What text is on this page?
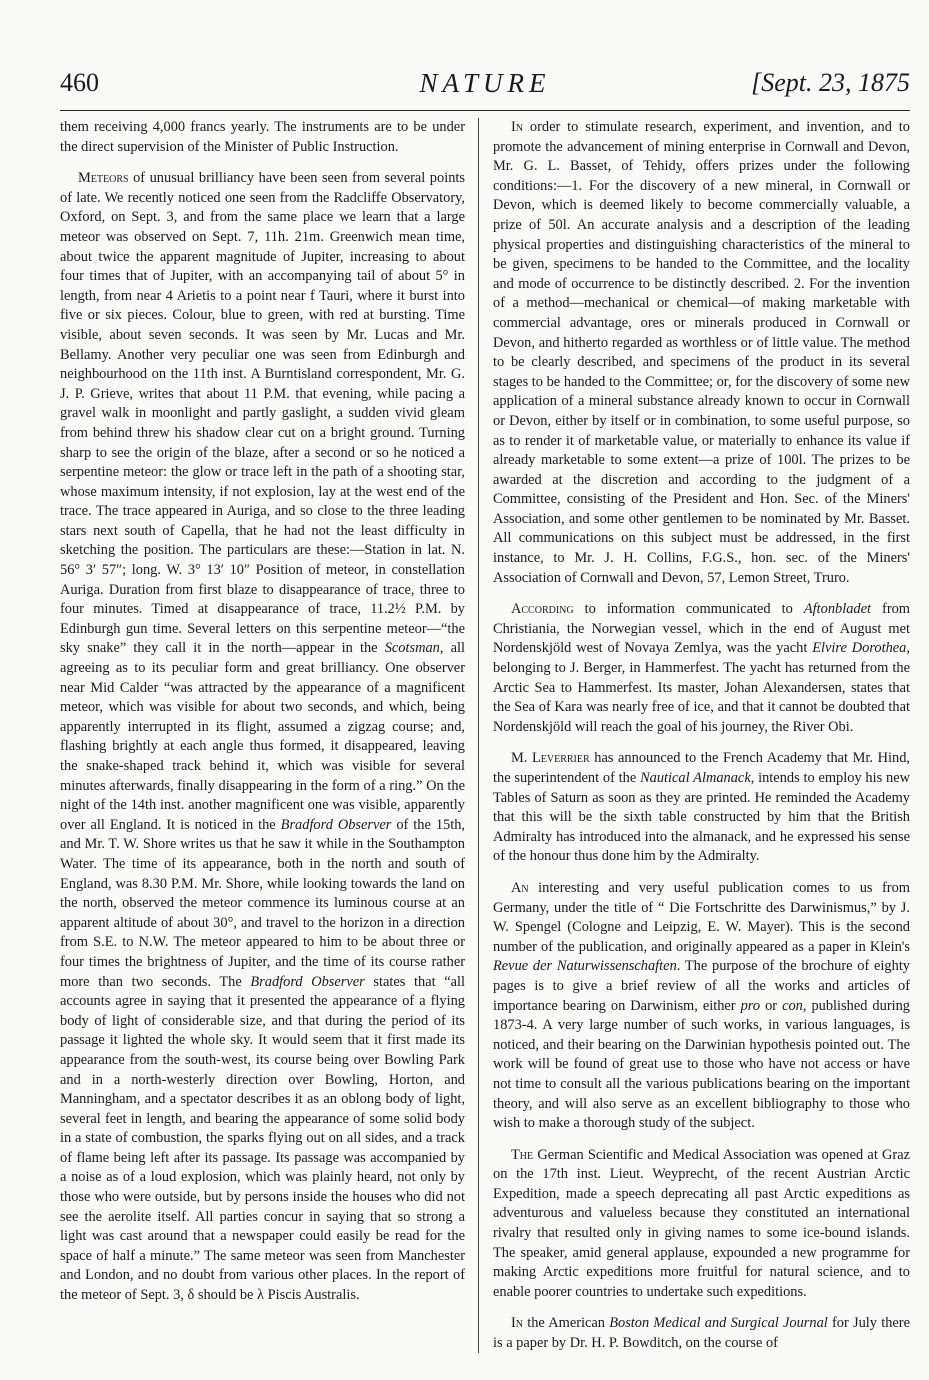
460	NATURE	[Sept. 23, 1875

them receiving 4,000 francs yearly. The instruments are to be under the direct supervision of the Minister of Public Instruction.

Meteors of unusual brilliancy have been seen from several points of late. We recently noticed one seen from the Radcliffe Observatory, Oxford, on Sept. 3, and from the same place we learn that a large meteor was observed on Sept. 7, 11h. 21m. Greenwich mean time, about twice the apparent magnitude of Jupiter, increasing to about four times that of Jupiter, with an accompanying tail of about 5° in length, from near 4 Arietis to a point near f Tauri, where it burst into five or six pieces. Colour, blue to green, with red at bursting. Time visible, about seven seconds. It was seen by Mr. Lucas and Mr. Bellamy. Another very peculiar one was seen from Edinburgh and neighbourhood on the 11th inst. A Burntisland correspondent, Mr. G. J. P. Grieve, writes that about 11 P.M. that evening, while pacing a gravel walk in moonlight and partly gaslight, a sudden vivid gleam from behind threw his shadow clear cut on a bright ground. Turning sharp to see the origin of the blaze, after a second or so he noticed a serpentine meteor: the glow or trace left in the path of a shooting star, whose maximum intensity, if not explosion, lay at the west end of the trace. The trace appeared in Auriga, and so close to the three leading stars next south of Capella, that he had not the least difficulty in sketching the position. The particulars are these:—Station in lat. N. 56° 3′ 57″; long. W. 3° 13′ 10″ Position of meteor, in constellation Auriga. Duration from first blaze to disappearance of trace, three to four minutes. Timed at disappearance of trace, 11.2½ P.M. by Edinburgh gun time. Several letters on this serpentine meteor—“the sky snake” they call it in the north—appear in the Scotsman, all agreeing as to its peculiar form and great brilliancy. One observer near Mid Calder “was attracted by the appearance of a magnificent meteor, which was visible for about two seconds, and which, being apparently interrupted in its flight, assumed a zigzag course; and, flashing brightly at each angle thus formed, it disappeared, leaving the snake-shaped track behind it, which was visible for several minutes afterwards, finally disappearing in the form of a ring.” On the night of the 14th inst. another magnificent one was visible, apparently over all England. It is noticed in the Bradford Observer of the 15th, and Mr. T. W. Shore writes us that he saw it while in the Southampton Water. The time of its appearance, both in the north and south of England, was 8.30 P.M. Mr. Shore, while looking towards the land on the north, observed the meteor commence its luminous course at an apparent altitude of about 30°, and travel to the horizon in a direction from S.E. to N.W. The meteor appeared to him to be about three or four times the brightness of Jupiter, and the time of its course rather more than two seconds. The Bradford Observer states that “all accounts agree in saying that it presented the appearance of a flying body of light of considerable size, and that during the period of its passage it lighted the whole sky. It would seem that it first made its appearance from the south-west, its course being over Bowling Park and in a north-westerly direction over Bowling, Horton, and Manningham, and a spectator describes it as an oblong body of light, several feet in length, and bearing the appearance of some solid body in a state of combustion, the sparks flying out on all sides, and a track of flame being left after its passage. Its passage was accompanied by a noise as of a loud explosion, which was plainly heard, not only by those who were outside, but by persons inside the houses who did not see the aerolite itself. All parties concur in saying that so strong a light was cast around that a newspaper could easily be read for the space of half a minute.” The same meteor was seen from Manchester and London, and no doubt from various other places. In the report of the meteor of Sept. 3, δ should be λ Piscis Australis.

In order to stimulate research, experiment, and invention, and to promote the advancement of mining enterprise in Cornwall and Devon, Mr. G. L. Basset, of Tehidy, offers prizes under the following conditions:—1. For the discovery of a new mineral, in Cornwall or Devon, which is deemed likely to become commercially valuable, a prize of 50l. An accurate analysis and a description of the leading physical properties and distinguishing characteristics of the mineral to be given, specimens to be handed to the Committee, and the locality and mode of occurrence to be distinctly described. 2. For the invention of a method—mechanical or chemical—of making marketable with commercial advantage, ores or minerals produced in Cornwall or Devon, and hitherto regarded as worthless or of little value. The method to be clearly described, and specimens of the product in its several stages to be handed to the Committee; or, for the discovery of some new application of a mineral substance already known to occur in Cornwall or Devon, either by itself or in combination, to some useful purpose, so as to render it of marketable value, or materially to enhance its value if already marketable to some extent—a prize of 100l. The prizes to be awarded at the discretion and according to the judgment of a Committee, consisting of the President and Hon. Sec. of the Miners' Association, and some other gentlemen to be nominated by Mr. Basset. All communications on this subject must be addressed, in the first instance, to Mr. J. H. Collins, F.G.S., hon. sec. of the Miners' Association of Cornwall and Devon, 57, Lemon Street, Truro.

According to information communicated to Aftonbladet from Christiania, the Norwegian vessel, which in the end of August met Nordenskjöld west of Novaya Zemlya, was the yacht Elvire Dorothea, belonging to J. Berger, in Hammerfest. The yacht has returned from the Arctic Sea to Hammerfest. Its master, Johan Alexandersen, states that the Sea of Kara was nearly free of ice, and that it cannot be doubted that Nordenskjöld will reach the goal of his journey, the River Obi.

M. Leverrier has announced to the French Academy that Mr. Hind, the superintendent of the Nautical Almanack, intends to employ his new Tables of Saturn as soon as they are printed. He reminded the Academy that this will be the sixth table constructed by him that the British Admiralty has introduced into the almanack, and he expressed his sense of the honour thus done him by the Admiralty.

An interesting and very useful publication comes to us from Germany, under the title of “ Die Fortschritte des Darwinismus,” by J. W. Spengel (Cologne and Leipzig, E. W. Mayer). This is the second number of the publication, and originally appeared as a paper in Klein's Revue der Naturwissenschaften. The purpose of the brochure of eighty pages is to give a brief review of all the works and articles of importance bearing on Darwinism, either pro or con, published during 1873-4. A very large number of such works, in various languages, is noticed, and their bearing on the Darwinian hypothesis pointed out. The work will be found of great use to those who have not access or have not time to consult all the various publications bearing on the important theory, and will also serve as an excellent bibliography to those who wish to make a thorough study of the subject.

The German Scientific and Medical Association was opened at Graz on the 17th inst. Lieut. Weyprecht, of the recent Austrian Arctic Expedition, made a speech deprecating all past Arctic expeditions as adventurous and valueless because they constituted an international rivalry that resulted only in giving names to some ice-bound islands. The speaker, amid general applause, expounded a new programme for making Arctic expeditions more fruitful for natural science, and to enable poorer countries to undertake such expeditions.

In the American Boston Medical and Surgical Journal for July there is a paper by Dr. H. P. Bowditch, on the course of
